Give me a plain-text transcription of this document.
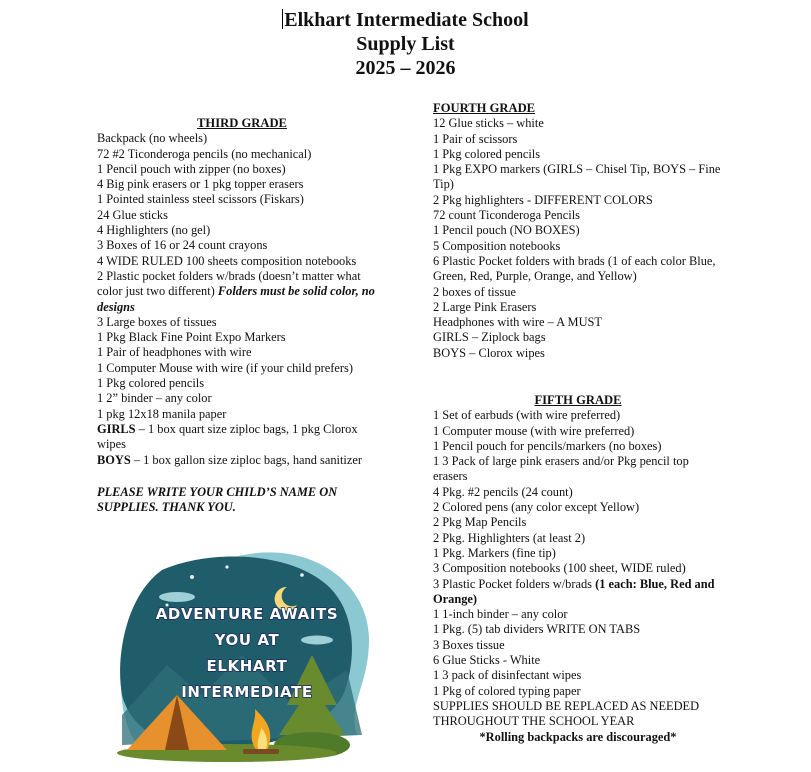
Elkhart Intermediate School
Supply List
2025 – 2026
THIRD GRADE
Backpack (no wheels)
72 #2 Ticonderoga pencils (no mechanical)
1 Pencil pouch with zipper (no boxes)
4 Big pink erasers or 1 pkg topper erasers
1 Pointed stainless steel scissors (Fiskars)
24 Glue sticks
4 Highlighters (no gel)
3 Boxes of 16 or 24 count crayons
4 WIDE RULED 100 sheets composition notebooks
2 Plastic pocket folders w/brads (doesn’t matter what color just two different) Folders must be solid color, no designs
3 Large boxes of tissues
1 Pkg Black Fine Point Expo Markers
1 Pair of headphones with wire
1 Computer Mouse with wire (if your child prefers)
1 Pkg colored pencils
1 2” binder – any color
1 pkg 12x18 manila paper
GIRLS – 1 box quart size ziploc bags, 1 pkg Clorox wipes
BOYS – 1 box gallon size ziploc bags, hand sanitizer
PLEASE WRITE YOUR CHILD’S NAME ON SUPPLIES. THANK YOU.
FOURTH GRADE
12 Glue sticks – white
1 Pair of scissors
1 Pkg colored pencils
1 Pkg EXPO markers (GIRLS – Chisel Tip, BOYS – Fine Tip)
2 Pkg highlighters - DIFFERENT COLORS
72 count Ticonderoga Pencils
1 Pencil pouch (NO BOXES)
5 Composition notebooks
6 Plastic Pocket folders with brads (1 of each color Blue, Green, Red, Purple, Orange, and Yellow)
2 boxes of tissue
2 Large Pink Erasers
Headphones with wire – A MUST
GIRLS – Ziplock bags
BOYS – Clorox wipes
FIFTH GRADE
1 Set of earbuds (with wire preferred)
1 Computer mouse (with wire preferred)
1 Pencil pouch for pencils/markers (no boxes)
1 3 Pack of large pink erasers and/or Pkg pencil top erasers
4 Pkg. #2 pencils (24 count)
2 Colored pens (any color except Yellow)
2 Pkg Map Pencils
2 Pkg. Highlighters (at least 2)
1 Pkg. Markers (fine tip)
3 Composition notebooks (100 sheet, WIDE ruled)
3 Plastic Pocket folders w/brads (1 each: Blue, Red and Orange)
1 1-inch binder – any color
1 Pkg. (5) tab dividers WRITE ON TABS
3 Boxes tissue
6 Glue Sticks - White
1 3 pack of disinfectant wipes
1 Pkg of colored typing paper
SUPPLIES SHOULD BE REPLACED AS NEEDED THROUGHOUT THE SCHOOL YEAR
*Rolling backpacks are discouraged*
ADVENTURE AWAITS
YOU AT
ELKHART
INTERMEDIATE
